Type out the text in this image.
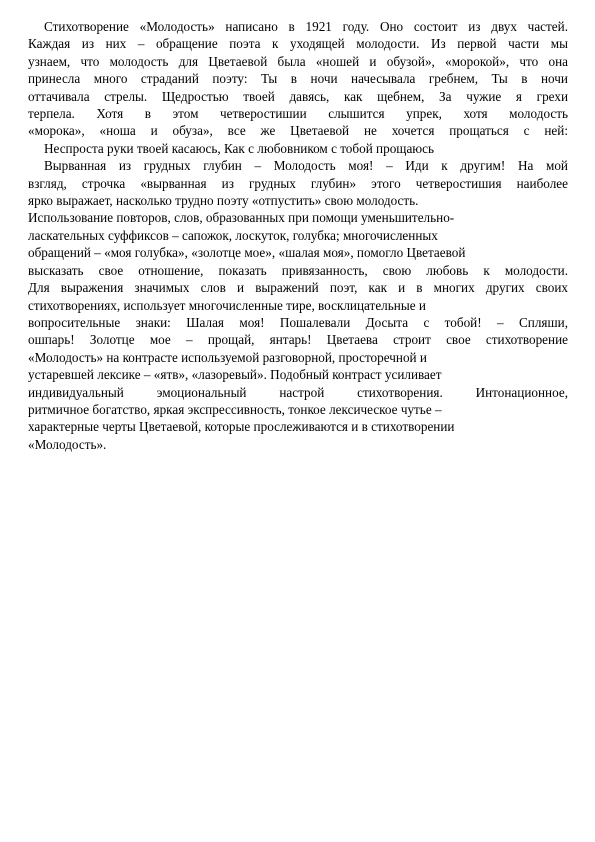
Стихотворение «Молодость» написано в 1921 году. Оно состоит из двух частей.
Каждая из них – обращение поэта к уходящей молодости. Из первой части мы
узнаем, что молодость для Цветаевой была «ношей и обузой», «морокой», что она
принесла много страданий поэту: Ты в ночи начесывала гребнем, Ты в ночи
оттачивала стрелы. Щедростью твоей давясь, как щебнем, За чужие я грехи
терпела. Хотя в этом четверостишии слышится упрек, хотя молодость
«морока», «ноша и обуза», все же Цветаевой не хочется прощаться с ней:
Неспроста руки твоей касаюсь, Как с любовником с тобой прощаюсь
Вырванная из грудных глубин – Молодость моя! – Иди к другим! На мой
взгляд, строчка «вырванная из грудных глубин» этого четверостишия наиболее
ярко выражает, насколько трудно поэту «отпустить» свою молодость.
Использование повторов, слов, образованных при помощи уменьшительно-
ласкательных суффиксов – сапожок, лоскуток, голубка; многочисленных
обращений – «моя голубка», «золотце мое», «шалая моя», помогло Цветаевой
высказать свое отношение, показать привязанность, свою любовь к молодости.
Для выражения значимых слов и выражений поэт, как и в многих других своих
стихотворениях, использует многочисленные тире, восклицательные и
вопросительные знаки: Шалая моя! Пошалевали Досыта с тобой! – Спляши,
ошпарь! Золотце мое – прощай, янтарь! Цветаева строит свое стихотворение
«Молодость» на контрасте используемой разговорной, просторечной и
устаревшей лексике – «ятв», «лазоревый». Подобный контраст усиливает
индивидуальный эмоциональный настрой стихотворения. Интонационное,
ритмичное богатство, яркая экспрессивность, тонкое лексическое чутье –
характерные черты Цветаевой, которые прослеживаются и в стихотворении
«Молодость».
